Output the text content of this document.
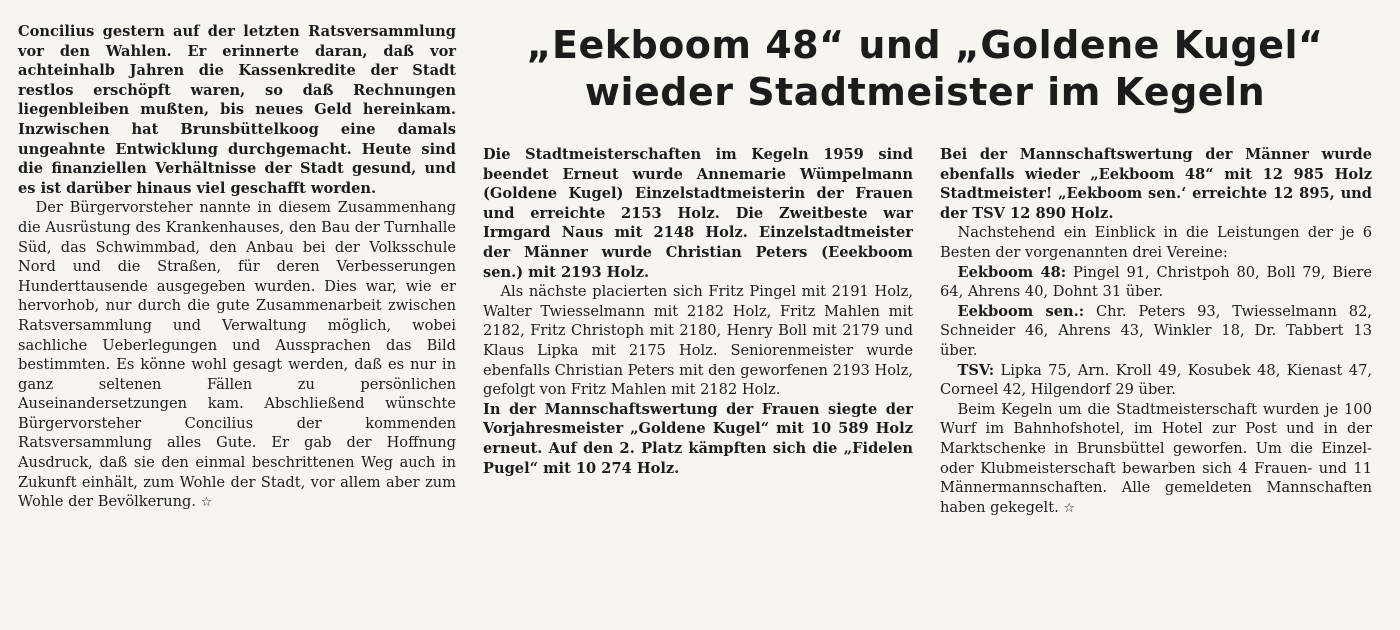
Concilius gestern auf der letzten Ratsversammlung vor den Wahlen. Er erinnerte daran, daß vor achteinhalb Jahren die Kassenkredite der Stadt restlos erschöpft waren, so daß Rechnungen liegenbleiben mußten, bis neues Geld hereinkam. Inzwischen hat Brunsbüttelkoog eine damals ungeahnte Entwicklung durchgemacht. Heute sind die finanziellen Verhältnisse der Stadt gesund, und es ist darüber hinaus viel geschafft worden.

Der Bürgervorsteher nannte in diesem Zusammenhang die Ausrüstung des Krankenhauses, den Bau der Turnhalle Süd, das Schwimmbad, den Anbau bei der Volksschule Nord und die Straßen, für deren Verbesserungen Hunderttausende ausgegeben wurden. Dies war, wie er hervorhob, nur durch die gute Zusammenarbeit zwischen Ratsversammlung und Verwaltung möglich, wobei sachliche Ueberlegungen und Aussprachen das Bild bestimmten. Es könne wohl gesagt werden, daß es nur in ganz seltenen Fällen zu persönlichen Auseinandersetzungen kam. Abschließend wünschte Bürgervorsteher Concilius der kommenden Ratsversammlung alles Gute. Er gab der Hoffnung Ausdruck, daß sie den einmal beschrittenen Weg auch in Zukunft einhält, zum Wohle der Stadt, vor allem aber zum Wohle der Bevölkerung. ☆

„Eekboom 48“ und „Goldene Kugel“
wieder Stadtmeister im Kegeln

Die Stadtmeisterschaften im Kegeln 1959 sind beendet Erneut wurde Annemarie Wümpelmann (Goldene Kugel) Einzelstadtmeisterin der Frauen und erreichte 2153 Holz. Die Zweitbeste war Irmgard Naus mit 2148 Holz. Einzelstadtmeister der Männer wurde Christian Peters (Eeekboom sen.) mit 2193 Holz.

Als nächste placierten sich Fritz Pingel mit 2191 Holz, Walter Twiesselmann mit 2182 Holz, Fritz Mahlen mit 2182, Fritz Christoph mit 2180, Henry Boll mit 2179 und Klaus Lipka mit 2175 Holz. Seniorenmeister wurde ebenfalls Christian Peters mit den geworfenen 2193 Holz, gefolgt von Fritz Mahlen mit 2182 Holz.

In der Mannschaftswertung der Frauen siegte der Vorjahresmeister „Goldene Kugel“ mit 10 589 Holz erneut. Auf den 2. Platz kämpften sich die „Fidelen Pugel“ mit 10 274 Holz.

Bei der Mannschaftswertung der Männer wurde ebenfalls wieder „Eekboom 48“ mit 12 985 Holz Stadtmeister! „Eekboom sen.‘ erreichte 12 895, und der TSV 12 890 Holz.

Nachstehend ein Einblick in die Leistungen der je 6 Besten der vorgenannten drei Vereine:

Eekboom 48: Pingel 91, Christpoh 80, Boll 79, Biere 64, Ahrens 40, Dohnt 31 über.

Eekboom sen.: Chr. Peters 93, Twiesselmann 82, Schneider 46, Ahrens 43, Winkler 18, Dr. Tabbert 13 über.

TSV: Lipka 75, Arn. Kroll 49, Kosubek 48, Kienast 47, Corneel 42, Hilgendorf 29 über.

Beim Kegeln um die Stadtmeisterschaft wurden je 100 Wurf im Bahnhofshotel, im Hotel zur Post und in der Marktschenke in Brunsbüttel geworfen. Um die Einzel- oder Klubmeisterschaft bewarben sich 4 Frauen- und 11 Männermannschaften. Alle gemeldeten Mannschaften haben gekegelt. ☆
